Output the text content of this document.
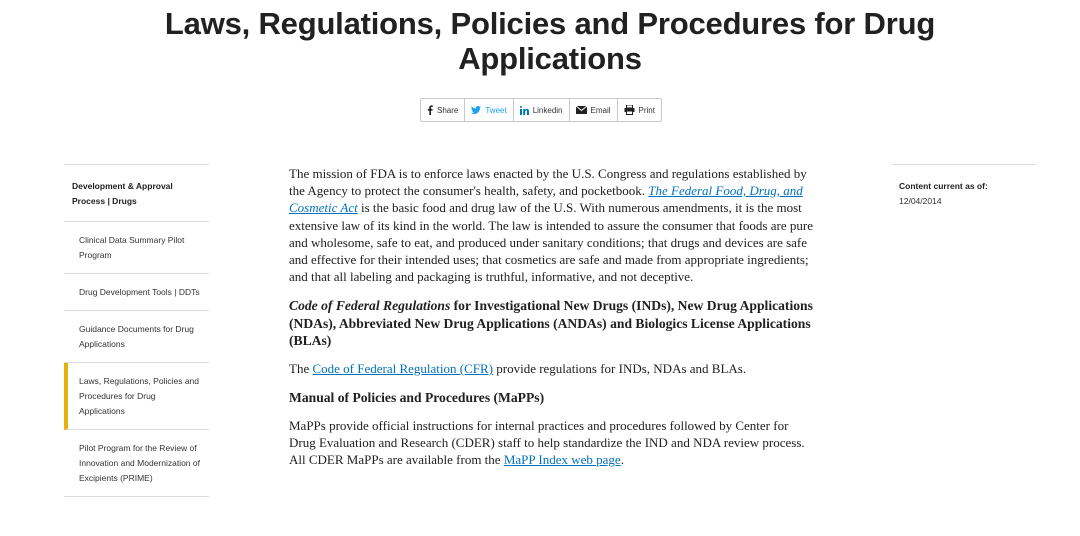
Laws, Regulations, Policies and Procedures for Drug Applications
Share	Tweet	Linkedin	Email	Print
Development & Approval Process | Drugs
Clinical Data Summary Pilot Program
Drug Development Tools | DDTs
Guidance Documents for Drug Applications
Laws, Regulations, Policies and Procedures for Drug Applications
Pilot Program for the Review of Innovation and Modernization of Excipients (PRIME)

The mission of FDA is to enforce laws enacted by the U.S. Congress and regulations established by the Agency to protect the consumer's health, safety, and pocketbook. The Federal Food, Drug, and Cosmetic Act is the basic food and drug law of the U.S. With numerous amendments, it is the most extensive law of its kind in the world. The law is intended to assure the consumer that foods are pure and wholesome, safe to eat, and produced under sanitary conditions; that drugs and devices are safe and effective for their intended uses; that cosmetics are safe and made from appropriate ingredients; and that all labeling and packaging is truthful, informative, and not deceptive.

Code of Federal Regulations for Investigational New Drugs (INDs), New Drug Applications (NDAs), Abbreviated New Drug Applications (ANDAs) and Biologics License Applications (BLAs)

The Code of Federal Regulation (CFR) provide regulations for INDs, NDAs and BLAs.

Manual of Policies and Procedures (MaPPs)

MaPPs provide official instructions for internal practices and procedures followed by Center for Drug Evaluation and Research (CDER) staff to help standardize the IND and NDA review process. All CDER MaPPs are available from the MaPP Index web page.

Content current as of:
12/04/2014
